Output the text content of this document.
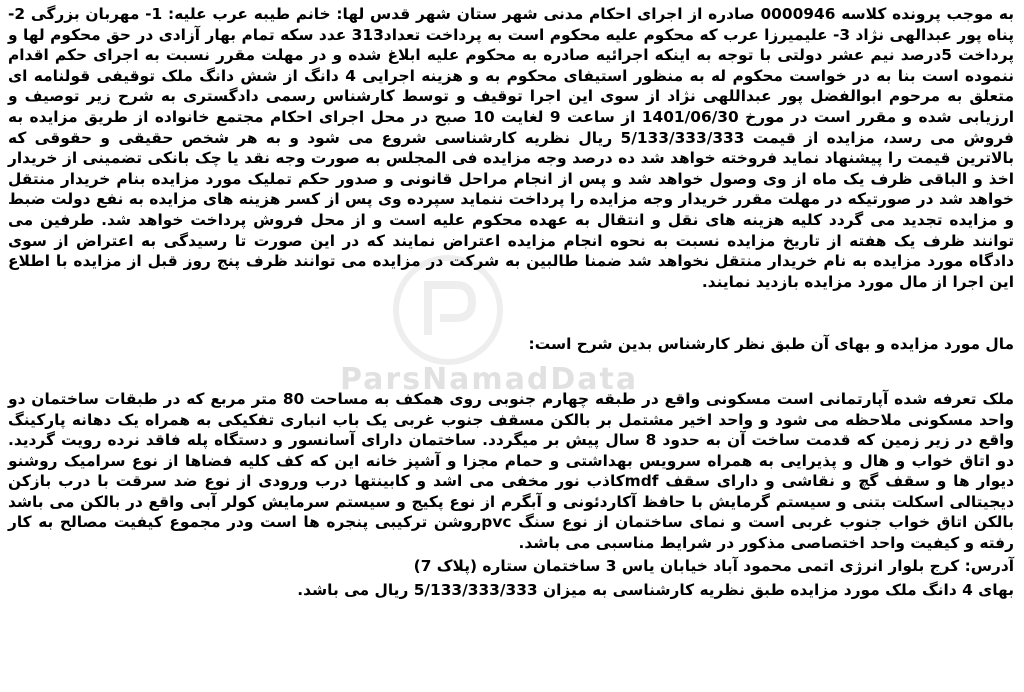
ParsNamadData

به موجب پرونده کلاسه 0000946 صادره از اجرای احکام مدنی شهر ستان شهر قدس لها: خانم طیبه عرب علیه: 1- مهربان بزرگی 2-پناه پور عبدالهی نژاد 3- علیمیرزا عرب که محکوم علیه محکوم است به پرداخت تعداد313 عدد سکه تمام بهار آزادی در حق محکوم لها و پرداخت 5درصد نیم عشر دولتی با توجه به اینکه اجرائیه صادره به محکوم علیه ابلاغ شده و در مهلت مقرر نسبت به اجرای حکم اقدام ننموده است بنا به در خواست محکوم له به منظور استیفای محکوم به و هزینه اجرایی 4 دانگ از شش دانگ ملک توقیفی قولنامه ای متعلق به مرحوم ابوالفضل پور عبداللهی نژاد از سوی این اجرا توقیف و توسط کارشناس رسمی دادگستری به شرح زیر توصیف و ارزیابی شده و مقرر است در مورخ 1401/06/30 از ساعت 9 لغایت 10 صبح در محل اجرای احکام مجتمع خانواده از طریق مزایده به فروش می رسد، مزایده از قیمت 5/133/333/333 ریال نظریه کارشناسی شروع می شود و به هر شخص حقیقی و حقوقی که بالاترین قیمت را پیشنهاد نماید فروخته خواهد شد ده درصد وجه مزایده فی المجلس به صورت وجه نقد یا چک بانکی تضمینی از خریدار اخذ و الباقی ظرف یک ماه از وی وصول خواهد شد و پس از انجام مراحل قانونی و صدور حکم تملیک مورد مزایده بنام خریدار منتقل خواهد شد در صورتیکه در مهلت مقرر خریدار وجه مزایده را پرداخت ننماید سپرده وی پس از کسر هزینه های مزایده به نفع دولت ضبط و مزایده تجدید می گردد کلیه هزینه های نقل و انتقال به عهده محکوم علیه است و از محل فروش پرداخت خواهد شد. طرفین می توانند ظرف یک هفته از تاریخ مزایده نسبت به نحوه انجام مزایده اعتراض نمایند که در این صورت تا رسیدگی به اعتراض از سوی دادگاه مورد مزایده به نام خریدار منتقل نخواهد شد ضمنا طالبین به شرکت در مزایده می توانند ظرف پنج روز قبل از مزایده با اطلاع این اجرا از مال مورد مزایده بازدید نمایند.

مال مورد مزایده و بهای آن طبق نظر کارشناس بدین شرح است:

ملک تعرفه شده آپارتمانی است مسکونی واقع در طبقه چهارم جنوبی روی همکف به مساحت 80 متر مربع که در طبقات ساختمان دو واحد مسکونی ملاحظه می شود و واحد اخیر مشتمل بر بالکن مسقف جنوب غربی یک باب انباری تفکیکی به همراه یک دهانه پارکینگ واقع در زیر زمین که قدمت ساخت آن به حدود 8 سال پیش بر میگردد. ساختمان دارای آسانسور و دستگاه پله فاقد نرده رویت گردید. دو اتاق خواب و هال و پذیرایی به همراه سرویس بهداشتی و حمام مجزا و آشپز خانه این که کف کلیه فضاها از نوع سرامیک روشنو دیوار ها و سقف گچ و نقاشی و دارای سقف mdfکاذب نور مخفی می اشد و کابینتها درب ورودی از نوع ضد سرقت با درب بازکن دیجیتالی اسکلت بتنی و سیستم گرمایش با حافظ آکاردئونی و آبگرم از نوع پکیج و سیستم سرمایش کولر آبی واقع در بالکن می باشد بالکن اتاق خواب جنوب غربی است و نمای ساختمان از نوع سنگ pvcروشن ترکیبی پنجره ها است ودر مجموع کیفیت مصالح به کار رفته و کیفیت واحد اختصاصی مذکور در شرایط مناسبی می باشد.

آدرس: کرج بلوار انرژی اتمی محمود آباد خیابان یاس 3 ساختمان ستاره (پلاک 7)

بهای 4 دانگ ملک مورد مزایده طبق نظریه کارشناسی به میزان 5/133/333/333 ریال می باشد.
